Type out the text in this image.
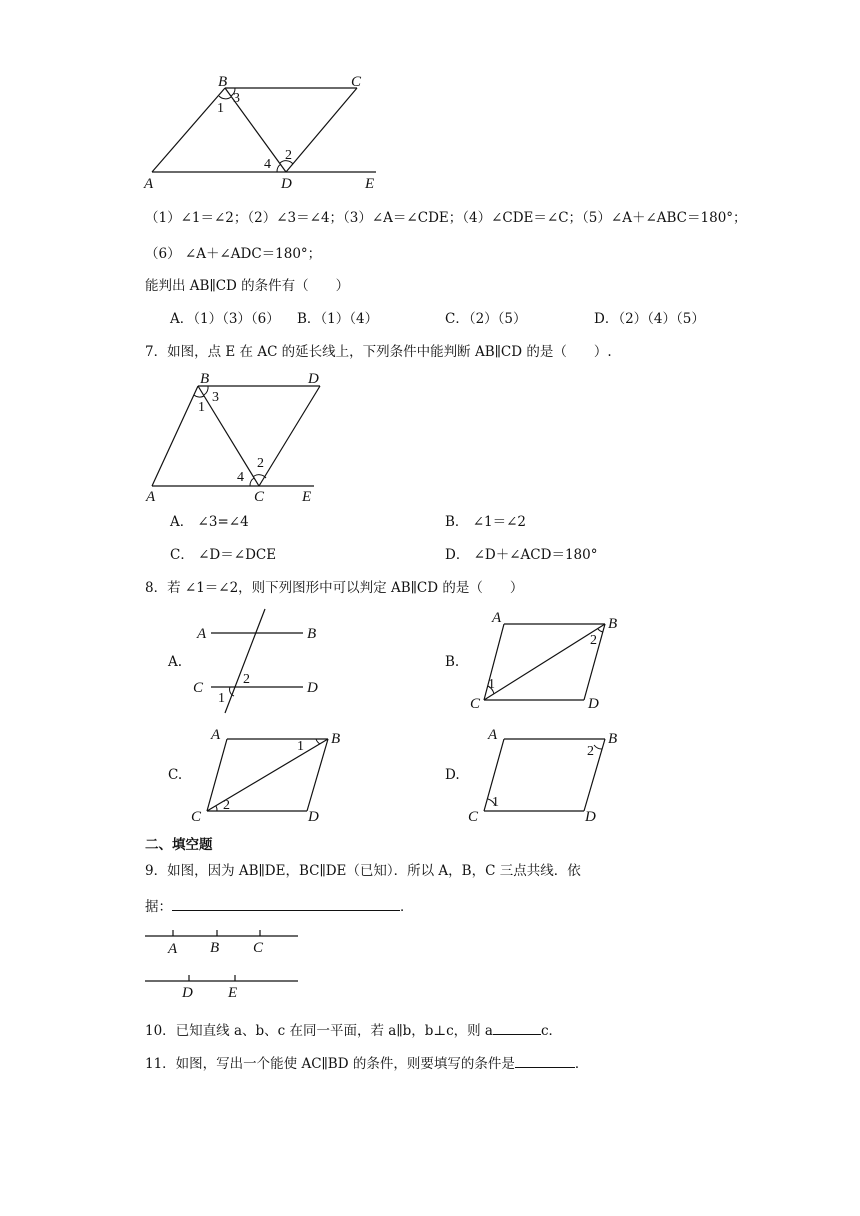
B	C
A	D	E
1
3
4
2
（1）∠1＝∠2；（2）∠3＝∠4；（3）∠A＝∠CDE；（4）∠CDE＝∠C；（5）∠A＋∠ABC＝180°；
（6） ∠A＋∠ADC＝180°；
能判出 AB∥CD 的条件有（　　）
A．（1）（3）（6） B．（1）（4）	C．（2）（5）	D．（2）（4）（5）
7．如图，点 E 在 AC 的延长线上，下列条件中能判断 AB∥CD 的是（　　）.
B	D
A	C	E
1
3
4
2
A． ∠3=∠4	B． ∠1＝∠2
C． ∠D＝∠DCE	D． ∠D＋∠ACD＝180°
8．若 ∠1＝∠2，则下列图形中可以判定 AB∥CD 的是（　　）
A.
A	B
C	D
2
1
B.
A	B
C	D
1
2
C.
A	B
C	D
2
1
D.
A	B
C	D
1
2
二、填空题
9．如图，因为 AB∥DE，BC∥DE（已知）．所以 A，B，C 三点共线．依
据：	．
A B C
D E
10．已知直线 a、b、c 在同一平面，若 a∥b，b⊥c，则 a	c．
11．如图，写出一个能使 AC∥BD 的条件，则要填写的条件是	．
